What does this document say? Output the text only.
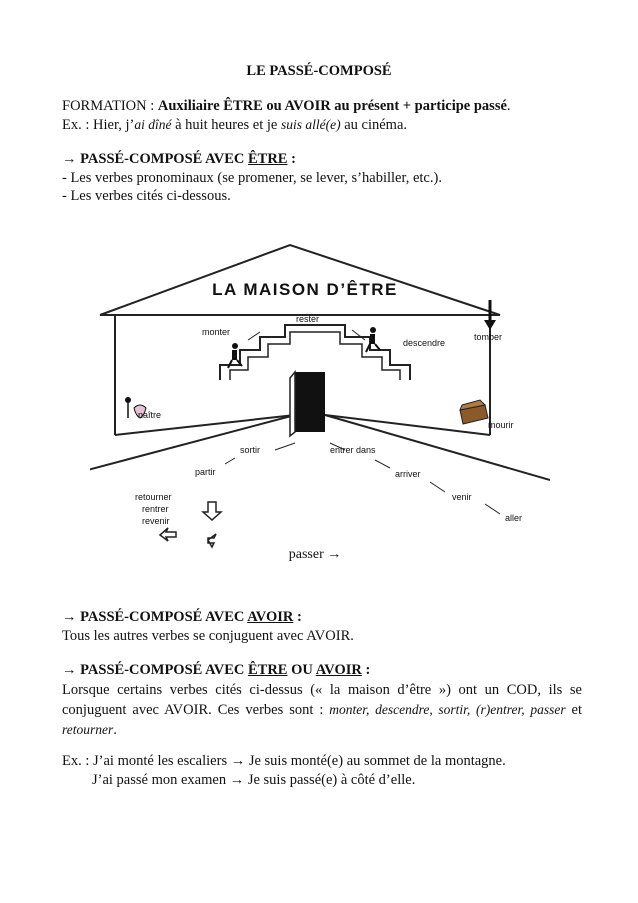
LE PASSÉ-COMPOSÉ
FORMATION : Auxiliaire ÊTRE ou AVOIR au présent + participe passé.
Ex. : Hier, j’ai dîné à huit heures et je suis allé(e) au cinéma.
→ PASSÉ-COMPOSÉ AVEC ÊTRE :
- Les verbes pronominaux (se promener, se lever, s’habiller, etc.).
- Les verbes cités ci-dessous.
LA MAISON D’ÊTRE
monter
rester
descendre
tomber
naître
mourir
partir
sortir	entrer dans
arriver
venir
aller
retourner
rentrer
revenir
passer →
→ PASSÉ-COMPOSÉ AVEC AVOIR :
Tous les autres verbes se conjuguent avec AVOIR.
→ PASSÉ-COMPOSÉ AVEC ÊTRE OU AVOIR :
Lorsque certains verbes cités ci-dessus (« la maison d’être ») ont un COD, ils se conjuguent avec AVOIR. Ces verbes sont : monter, descendre, sortir, (r)entrer, passer et retourner.
Ex. : J’ai monté les escaliers → Je suis monté(e) au sommet de la montagne.
J’ai passé mon examen → Je suis passé(e) à côté d’elle.
